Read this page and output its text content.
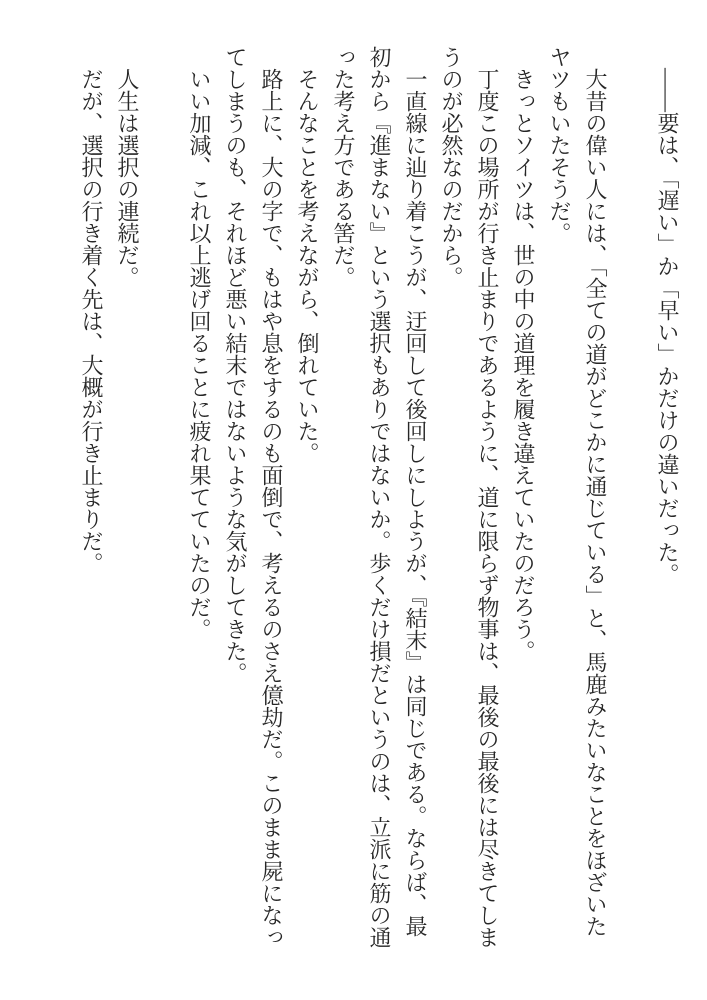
――要は、「遅い」か「早い」かだけの違いだった。

大昔の偉い人には、「全ての道がどこかに通じている」と、馬鹿みたいなことをほざいたヤツもいたそうだ。

きっとソイツは、世の中の道理を履き違えていたのだろう。

丁度この場所が行き止まりであるように、道に限らず物事は、最後の最後には尽きてしまうのが必然なのだから。

一直線に辿り着こうが、迂回して後回しにしようが、『結末』は同じである。ならば、最初から『進まない』という選択もありではないか。歩くだけ損だというのは、立派に筋の通った考え方である筈だ。

そんなことを考えながら、倒れていた。

路上に、大の字で、もはや息をするのも面倒で、考えるのさえ億劫だ。このまま屍になってしまうのも、それほど悪い結末ではないような気がしてきた。

いい加減、これ以上逃げ回ることに疲れ果てていたのだ。

人生は選択の連続だ。

だが、選択の行き着く先は、大概が行き止まりだ。
